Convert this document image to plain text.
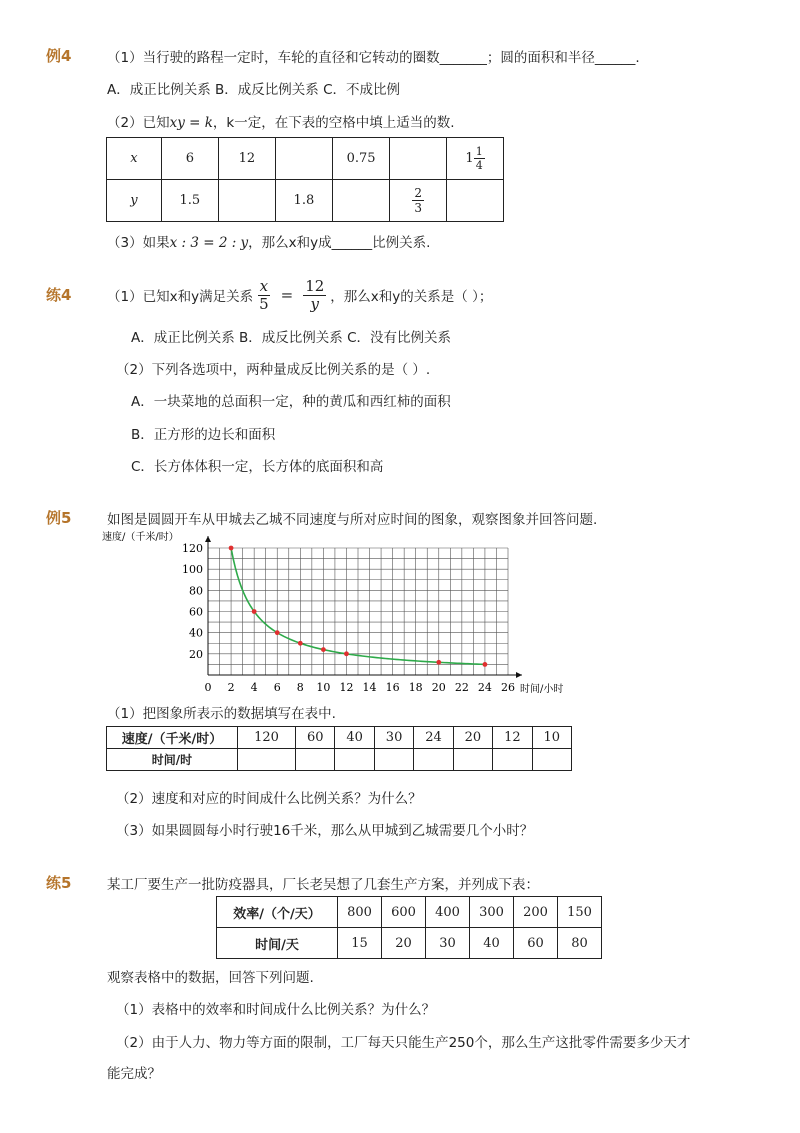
例4	（1）当行驶的路程一定时，车轮的直径和它转动的圈数_______；圆的面积和半径______.
A．成正比例关系 B．成反比例关系 C．不成比例
（2）已知xy = k，k一定，在下表的空格中填上适当的数.
x	6	12		0.75		$1 \frac{1}{4}$

y	1.5		1.8		$\frac{2}{3}$

（3）如果x : 3 = 2 : y，那么x和y成______比例关系.
练4	（1）已知x和y满足关系 $\frac{x}{5} = \frac{12}{y}$ ，那么x和y的关系是（ ）；
A．成正比例关系 B．成反比例关系 C．没有比例关系
（2）下列各选项中，两种量成反比例关系的是（ ）.
A．一块菜地的总面积一定，种的黄瓜和西红柿的面积
B．正方形的边长和面积
C．长方体体积一定，长方体的底面积和高
例5	如图是圆圆开车从甲城去乙城不同速度与所对应时间的图象，观察图象并回答问题.
0 2 4 6 8 10 12 14 16 18 20 22 24 26
20
40
60
80
100
120
速度/（千米/时）
时间/小时
（1）把图象所表示的数据填写在表中.
速度/（千米/时）	120	60	40	30	24	20	12	10
时间/时								
（2）速度和对应的时间成什么比例关系？为什么？
（3）如果圆圆每小时行驶16千米，那么从甲城到乙城需要几个小时？
练5	某工厂要生产一批防疫器具，厂长老吴想了几套生产方案，并列成下表：
效率/（个/天）	800	600	400	300	200	150
时间/天	15	20	30	40	60	80
观察表格中的数据，回答下列问题.
（1）表格中的效率和时间成什么比例关系？为什么？
（2）由于人力、物力等方面的限制，工厂每天只能生产250个，那么生产这批零件需要多少天才
能完成？
